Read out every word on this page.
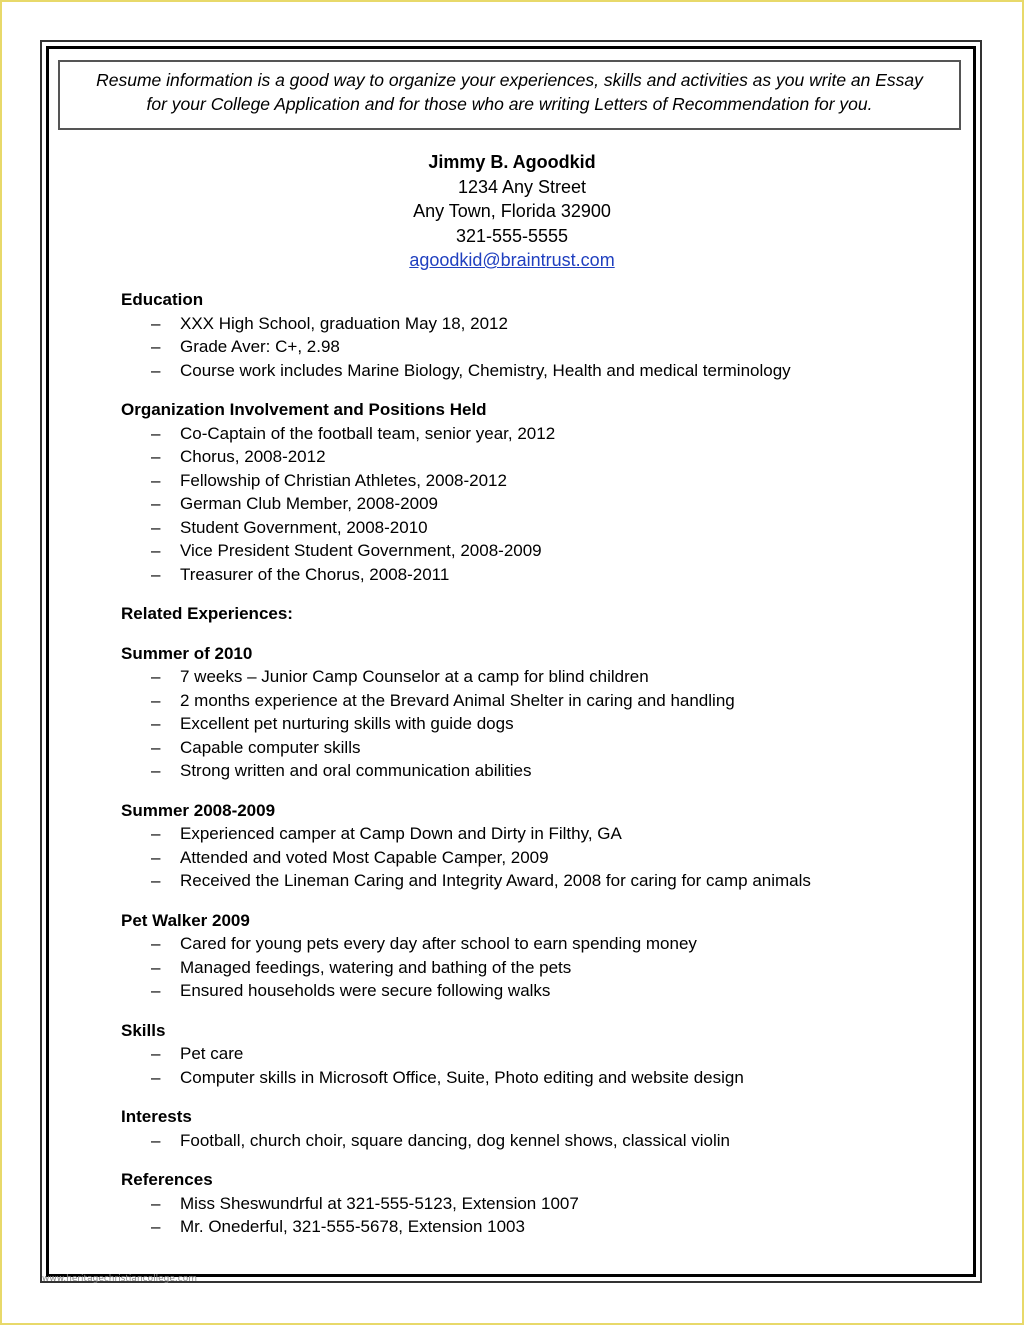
Resume information is a good way to organize your experiences, skills and activities as you write an Essay
for your College Application and for those who are writing Letters of Recommendation for you.
Jimmy B. Agoodkid
1234 Any Street
Any Town, Florida 32900
321-555-5555
agoodkid@braintrust.com
Education
– XXX High School, graduation May 18, 2012
– Grade Aver: C+, 2.98
– Course work includes Marine Biology, Chemistry, Health and medical terminology
Organization Involvement and Positions Held
– Co-Captain of the football team, senior year, 2012
– Chorus, 2008-2012
– Fellowship of Christian Athletes, 2008-2012
– German Club Member, 2008-2009
– Student Government, 2008-2010
– Vice President Student Government, 2008-2009
– Treasurer of the Chorus, 2008-2011
Related Experiences:
Summer of 2010
– 7 weeks – Junior Camp Counselor at a camp for blind children
– 2 months experience at the Brevard Animal Shelter in caring and handling
– Excellent pet nurturing skills with guide dogs
– Capable computer skills
– Strong written and oral communication abilities
Summer 2008-2009
– Experienced camper at Camp Down and Dirty in Filthy, GA
– Attended and voted Most Capable Camper, 2009
– Received the Lineman Caring and Integrity Award, 2008 for caring for camp animals
Pet Walker 2009
– Cared for young pets every day after school to earn spending money
– Managed feedings, watering and bathing of the pets
– Ensured households were secure following walks
Skills
– Pet care
– Computer skills in Microsoft Office, Suite, Photo editing and website design
Interests
– Football, church choir, square dancing, dog kennel shows, classical violin
References
– Miss Sheswundrful at 321-555-5123, Extension 1007
– Mr. Onederful, 321-555-5678, Extension 1003
www.heritagechristiancollege.com
